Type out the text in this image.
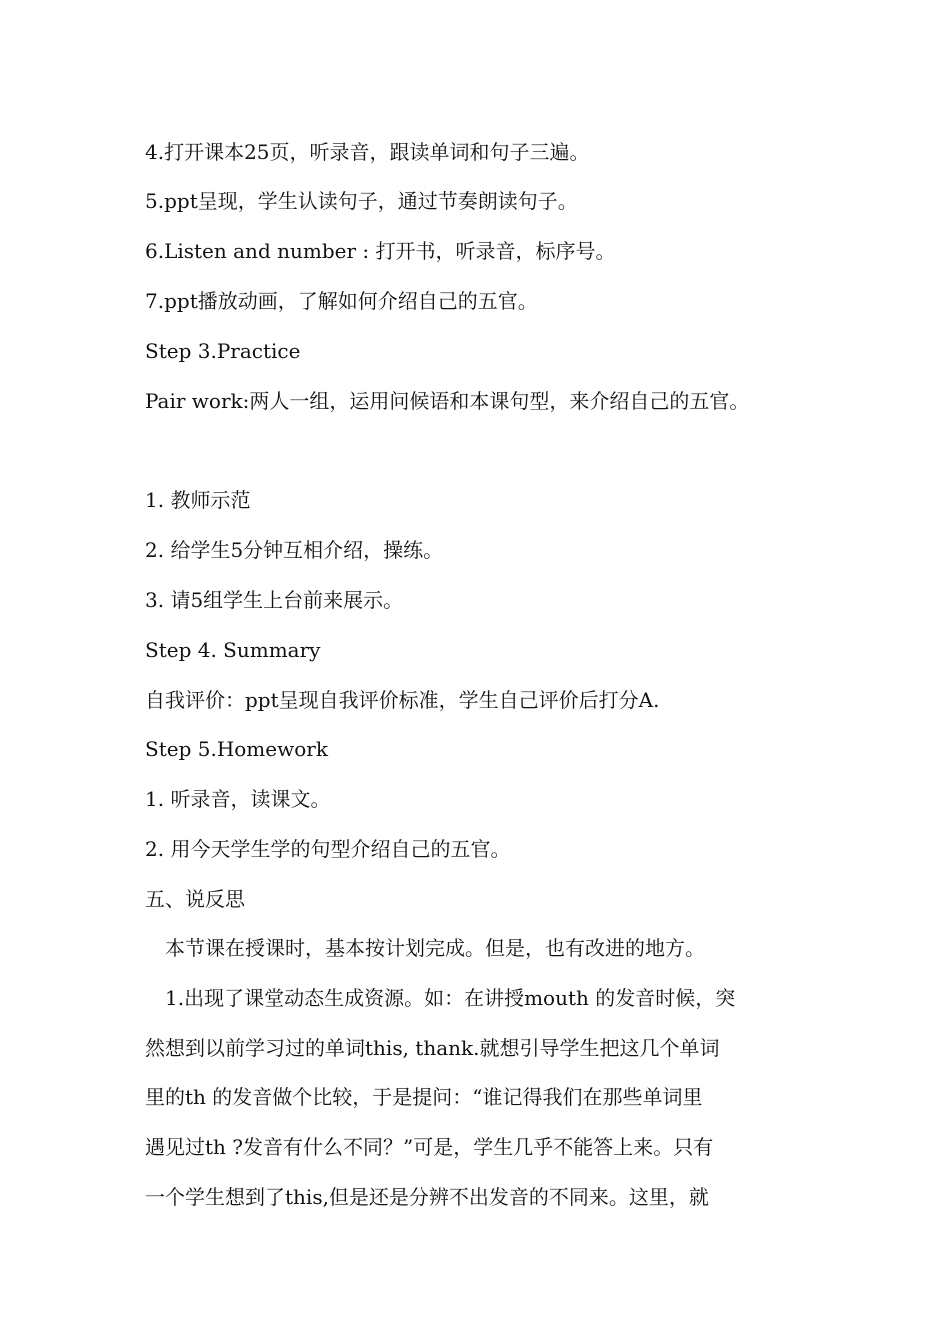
4.打开课本25页，听录音，跟读单词和句子三遍。
5.ppt呈现，学生认读句子，通过节奏朗读句子。
6.Listen and number : 打开书，听录音，标序号。
7.ppt播放动画，了解如何介绍自己的五官。
Step 3.Practice
Pair work:两人一组，运用问候语和本课句型，来介绍自己的五官。
1. 教师示范
2. 给学生5分钟互相介绍，操练。
3. 请5组学生上台前来展示。
Step 4. Summary
自我评价：ppt呈现自我评价标准，学生自己评价后打分A.
Step 5.Homework
1. 听录音，读课文。
2. 用今天学生学的句型介绍自己的五官。
五、说反思
本节课在授课时，基本按计划完成。但是，也有改进的地方。
1.出现了课堂动态生成资源。如：在讲授mouth 的发音时候，突
然想到以前学习过的单词this, thank.就想引导学生把这几个单词
里的th 的发音做个比较，于是提问：“谁记得我们在那些单词里
遇见过th ?发音有什么不同？”可是，学生几乎不能答上来。只有
一个学生想到了this,但是还是分辨不出发音的不同来。这里，就
